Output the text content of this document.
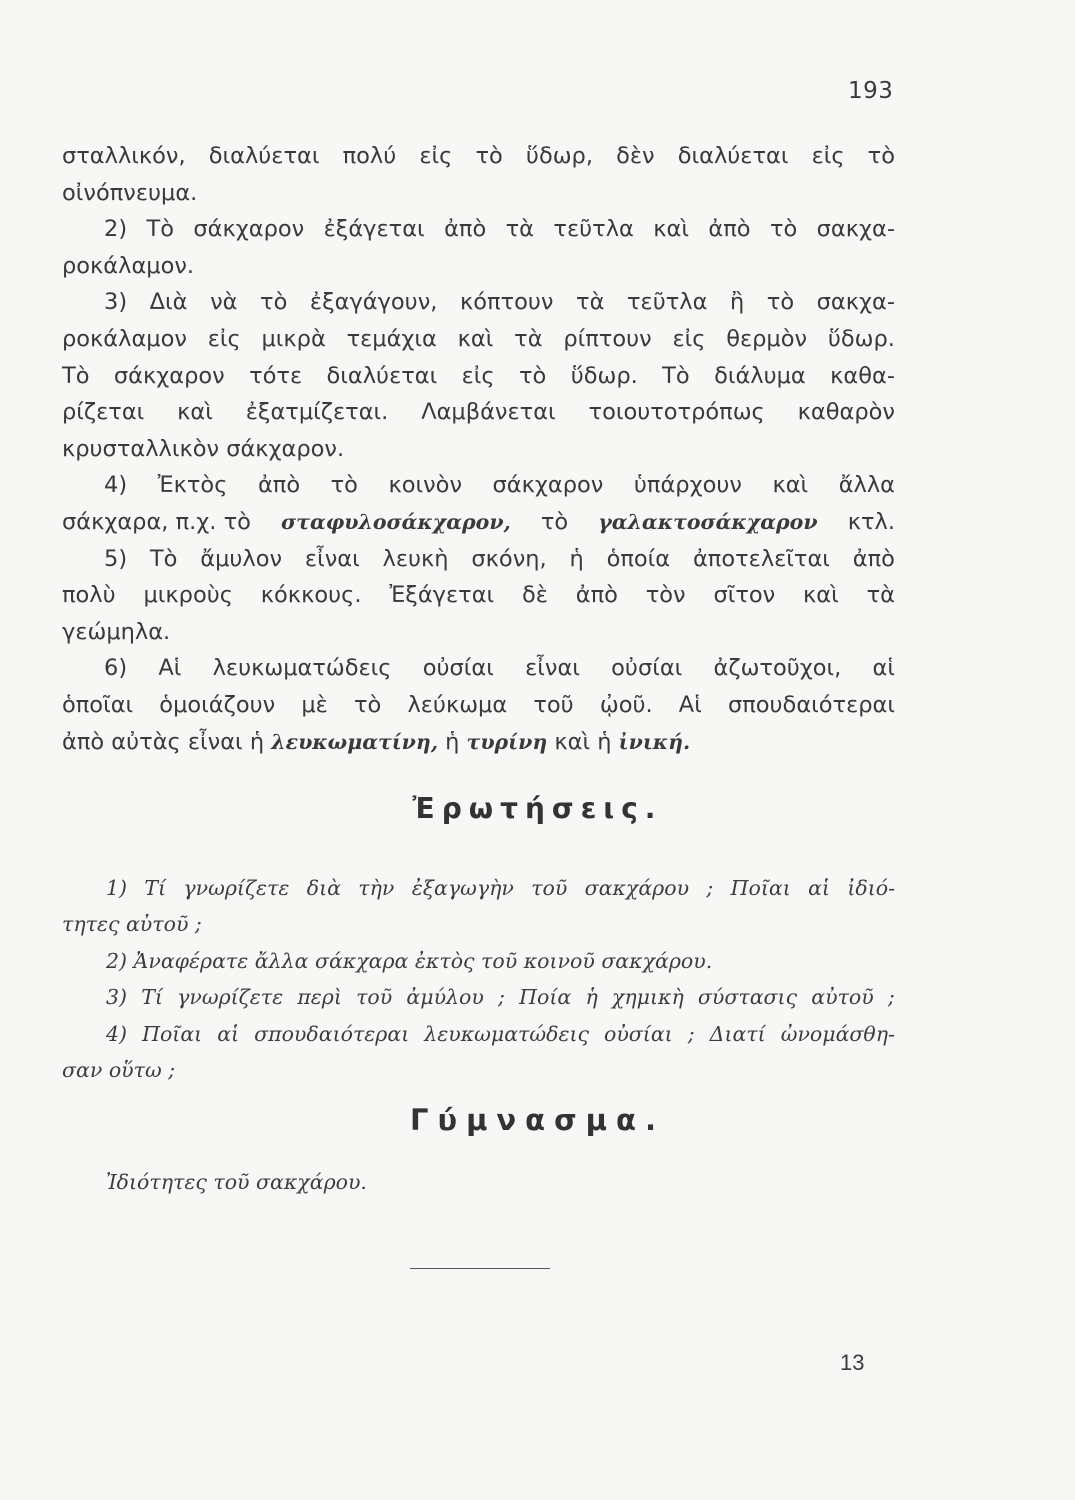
193
σταλλικόν, διαλύεται πολύ εἰς τὸ ὕδωρ, δὲν διαλύεται εἰς τὸ
οἰνόπνευμα.
2) Τὸ σάκχαρον ἐξάγεται ἀπὸ τὰ τεῦτλα καὶ ἀπὸ τὸ σακχα-
ροκάλαμον.
3) Διὰ νὰ τὸ ἐξαγάγουν, κόπτουν τὰ τεῦτλα ἢ τὸ σακχα-
ροκάλαμον εἰς μικρὰ τεμάχια καὶ τὰ ρίπτουν εἰς θερμὸν ὕδωρ.
Τὸ σάκχαρον τότε διαλύεται εἰς τὸ ὕδωρ. Τὸ διάλυμα καθα-
ρίζεται καὶ ἐξατμίζεται. Λαμβάνεται τοιουτοτρόπως καθαρὸν
κρυσταλλικὸν σάκχαρον.
4) Ἐκτὸς ἀπὸ τὸ κοινὸν σάκχαρον ὑπάρχουν καὶ ἄλλα
σάκχαρα, π.χ. τὸ σταφυλοσάκχαρον, τὸ γαλακτοσάκχαρον κτλ.
5) Τὸ ἄμυλον εἶναι λευκὴ σκόνη, ἡ ὁποία ἀποτελεῖται ἀπὸ
πολὺ μικροὺς κόκκους. Ἐξάγεται δὲ ἀπὸ τὸν σῖτον καὶ τὰ
γεώμηλα.
6) Αἱ λευκωματώδεις οὐσίαι εἶναι οὐσίαι ἀζωτοῦχοι, αἱ
ὁποῖαι ὁμοιάζουν μὲ τὸ λεύκωμα τοῦ ᾠοῦ. Αἱ σπουδαιότεραι
ἀπὸ αὐτὰς εἶναι ἡ
λευκωματίνη,
ἡ
τυρίνη
καὶ ἡ
ἰνική.
Ἐρωτήσεις.
1) Τί γνωρίζετε διὰ τὴν ἐξαγωγὴν τοῦ σακχάρου ; Ποῖαι αἱ ἰδιό-
τητες αὐτοῦ ;
2) Ἀναφέρατε ἄλλα σάκχαρα ἐκτὸς τοῦ κοινοῦ σακχάρου.
3) Τί γνωρίζετε περὶ τοῦ ἀμύλου ; Ποία ἡ χημικὴ σύστασις αὐτοῦ ;
4) Ποῖαι αἱ σπουδαιότεραι λευκωματώδεις οὐσίαι ; Διατί ὠνομάσθη-
σαν οὕτω ;
Γύμνασμα.
Ἰδιότητες τοῦ σακχάρου.
13
